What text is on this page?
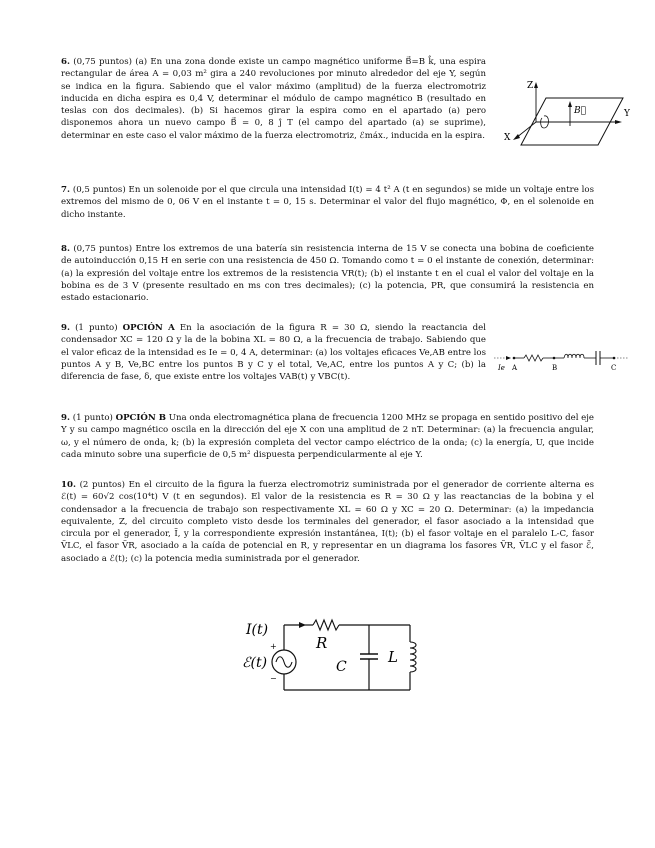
6. (0,75 puntos) (a) En una zona donde existe un campo magnético uniforme B⃗=B k̂, una espira rectangular de área A = 0,03 m² gira a 240 revoluciones por minuto alrededor del eje Y, según se indica en la figura. Sabiendo que el valor máximo (amplitud) de la fuerza electromotriz inducida en dicha espira es 0,4 V, determinar el módulo de campo magnético B (resultado en teslas con dos decimales). (b) Si hacemos girar la espira como en el apartado (a) pero disponemos ahora un nuevo campo B⃗ = 0, 8 ĵ T (el campo del apartado (a) se suprime), determinar en este caso el valor máximo de la fuerza electromotriz, ℰmáx., inducida en la espira.

Z
Y
X
B⃗

7. (0,5 puntos) En un solenoide por el que circula una intensidad I(t) = 4 t² A (t en segundos) se mide un voltaje entre los extremos del mismo de 0, 06 V en el instante t = 0, 15 s. Determinar el valor del flujo magnético, Φ, en el solenoide en dicho instante.

8. (0,75 puntos) Entre los extremos de una batería sin resistencia interna de 15 V se conecta una bobina de coeficiente de autoinducción 0,15 H en serie con una resistencia de 450 Ω. Tomando como t = 0 el instante de conexión, determinar: (a) la expresión del voltaje entre los extremos de la resistencia VR(t); (b) el instante t en el cual el valor del voltaje en la bobina es de 3 V (presente resultado en ms con tres decimales); (c) la potencia, PR, que consumirá la resistencia en estado estacionario.

9. (1 punto) OPCIÓN A En la asociación de la figura R = 30 Ω, siendo la reactancia del condensador XC = 120 Ω y la de la bobina XL = 80 Ω, a la frecuencia de trabajo. Sabiendo que el valor eficaz de la intensidad es Ie = 0, 4 A, determinar: (a) los voltajes eficaces Ve,AB entre los puntos A y B, Ve,BC entre los puntos B y C y el total, Ve,AC, entre los puntos A y C; (b) la diferencia de fase, δ, que existe entre los voltajes VAB(t) y VBC(t).

Ie A	B	C

9. (1 punto) OPCIÓN B Una onda electromagnética plana de frecuencia 1200 MHz se propaga en sentido positivo del eje Y y su campo magnético oscila en la dirección del eje X con una amplitud de 2 nT. Determinar: (a) la frecuencia angular, ω, y el número de onda, k; (b) la expresión completa del vector campo eléctrico de la onda; (c) la energía, U, que incide cada minuto sobre una superficie de 0,5 m² dispuesta perpendicularmente al eje Y.

10. (2 puntos) En el circuito de la figura la fuerza electromotriz suministrada por el generador de corriente alterna es ℰ(t) = 60√2 cos(10⁴t) V (t en segundos). El valor de la resistencia es R = 30 Ω y las reactancias de la bobina y el condensador a la frecuencia de trabajo son respectivamente XL = 60 Ω y XC = 20 Ω. Determinar: (a) la impedancia equivalente, Z, del circuito completo visto desde los terminales del generador, el fasor asociado a la intensidad que circula por el generador, Ĩ, y la correspondiente expresión instantánea, I(t); (b) el fasor voltaje en el paralelo L-C, fasor ṼLC, el fasor ṼR, asociado a la caída de potencial en R, y representar en un diagrama los fasores ṼR, ṼLC y el fasor ℰ̃, asociado a ℰ(t); (c) la potencia media suministrada por el generador.

+
−
I(t)
ℰ(t)
R
C
L
